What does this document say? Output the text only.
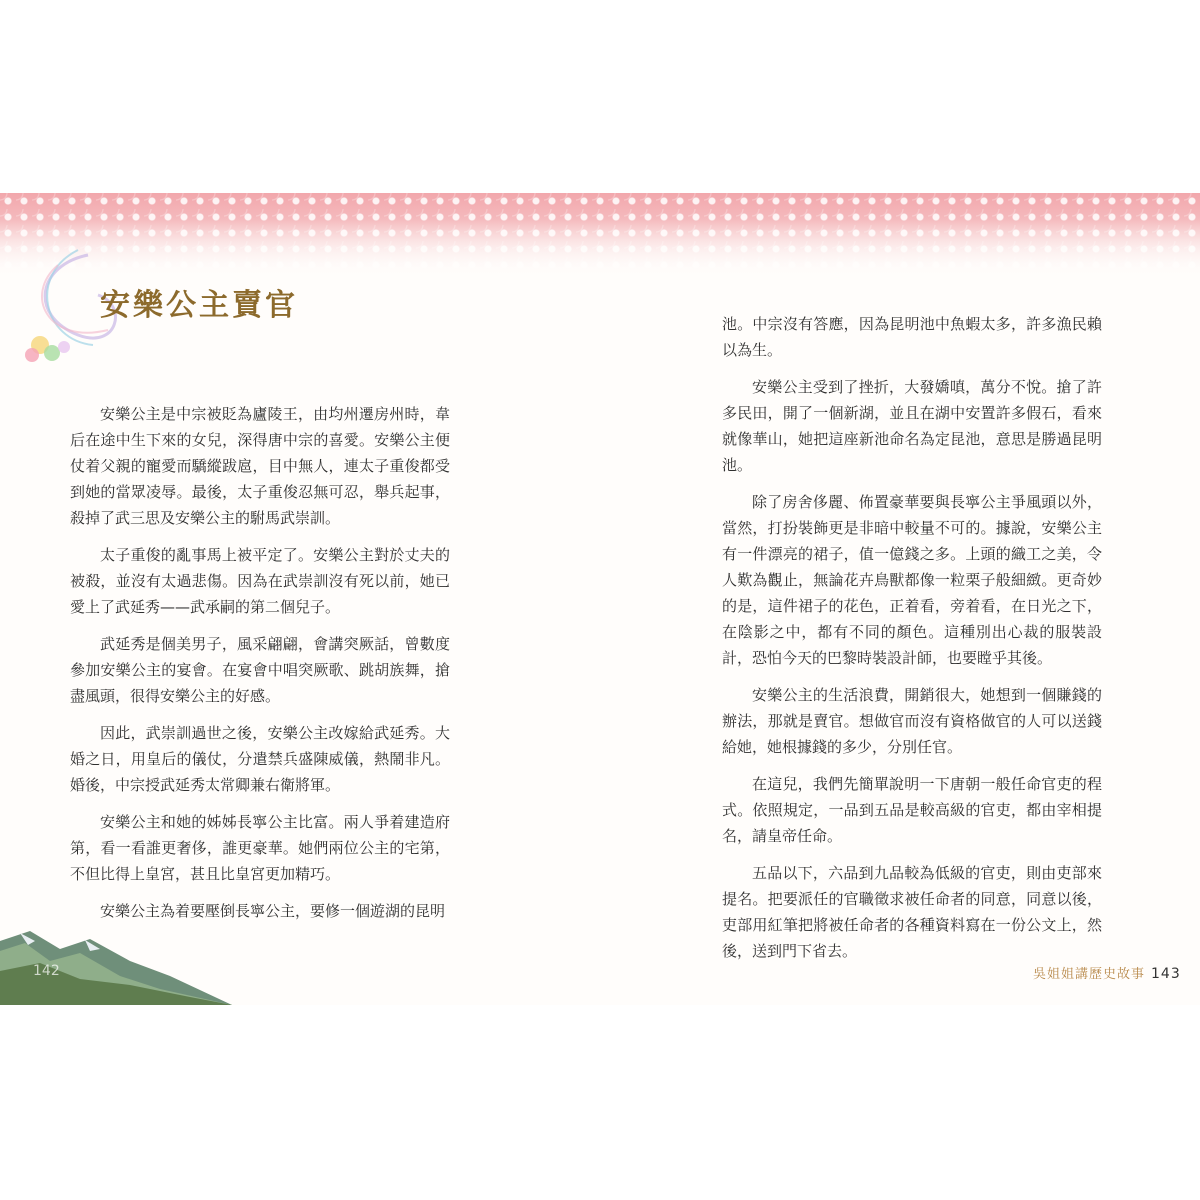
安樂公主賣官

安樂公主是中宗被貶為廬陵王，由均州遷房州時，韋后在途中生下來的女兒，深得唐中宗的喜愛。安樂公主便仗着父親的寵愛而驕縱跋扈，目中無人，連太子重俊都受到她的當眾凌辱。最後，太子重俊忍無可忍，舉兵起事，殺掉了武三思及安樂公主的駙馬武崇訓。

太子重俊的亂事馬上被平定了。安樂公主對於丈夫的被殺，並沒有太過悲傷。因為在武崇訓沒有死以前，她已愛上了武延秀——武承嗣的第二個兒子。

武延秀是個美男子，風采翩翩，會講突厥話，曾數度參加安樂公主的宴會。在宴會中唱突厥歌、跳胡族舞，搶盡風頭，很得安樂公主的好感。

因此，武崇訓過世之後，安樂公主改嫁給武延秀。大婚之日，用皇后的儀仗，分遣禁兵盛陳威儀，熱鬧非凡。婚後，中宗授武延秀太常卿兼右衛將軍。

安樂公主和她的姊姊長寧公主比富。兩人爭着建造府第，看一看誰更奢侈，誰更豪華。她們兩位公主的宅第，不但比得上皇宮，甚且比皇宮更加精巧。

安樂公主為着要壓倒長寧公主，要修一個遊湖的昆明

池。中宗沒有答應，因為昆明池中魚蝦太多，許多漁民賴以為生。

安樂公主受到了挫折，大發嬌嗔，萬分不悅。搶了許多民田，開了一個新湖，並且在湖中安置許多假石，看來就像華山，她把這座新池命名為定昆池，意思是勝過昆明池。

除了房舍侈麗、佈置豪華要與長寧公主爭風頭以外，當然，打扮裝飾更是非暗中較量不可的。據說，安樂公主有一件漂亮的裙子，值一億錢之多。上頭的織工之美，令人歎為觀止，無論花卉鳥獸都像一粒栗子般細緻。更奇妙的是，這件裙子的花色，正着看，旁着看，在日光之下，在陰影之中，都有不同的顏色。這種別出心裁的服裝設計，恐怕今天的巴黎時裝設計師，也要瞠乎其後。

安樂公主的生活浪費，開銷很大，她想到一個賺錢的辦法，那就是賣官。想做官而沒有資格做官的人可以送錢給她，她根據錢的多少，分別任官。

在這兒，我們先簡單說明一下唐朝一般任命官吏的程式。依照規定，一品到五品是較高級的官吏，都由宰相提名，請皇帝任命。

五品以下，六品到九品較為低級的官吏，則由吏部來提名。把要派任的官職徵求被任命者的同意，同意以後，吏部用紅筆把將被任命者的各種資料寫在一份公文上，然後，送到門下省去。

142	吳姐姐講歷史故事 143
